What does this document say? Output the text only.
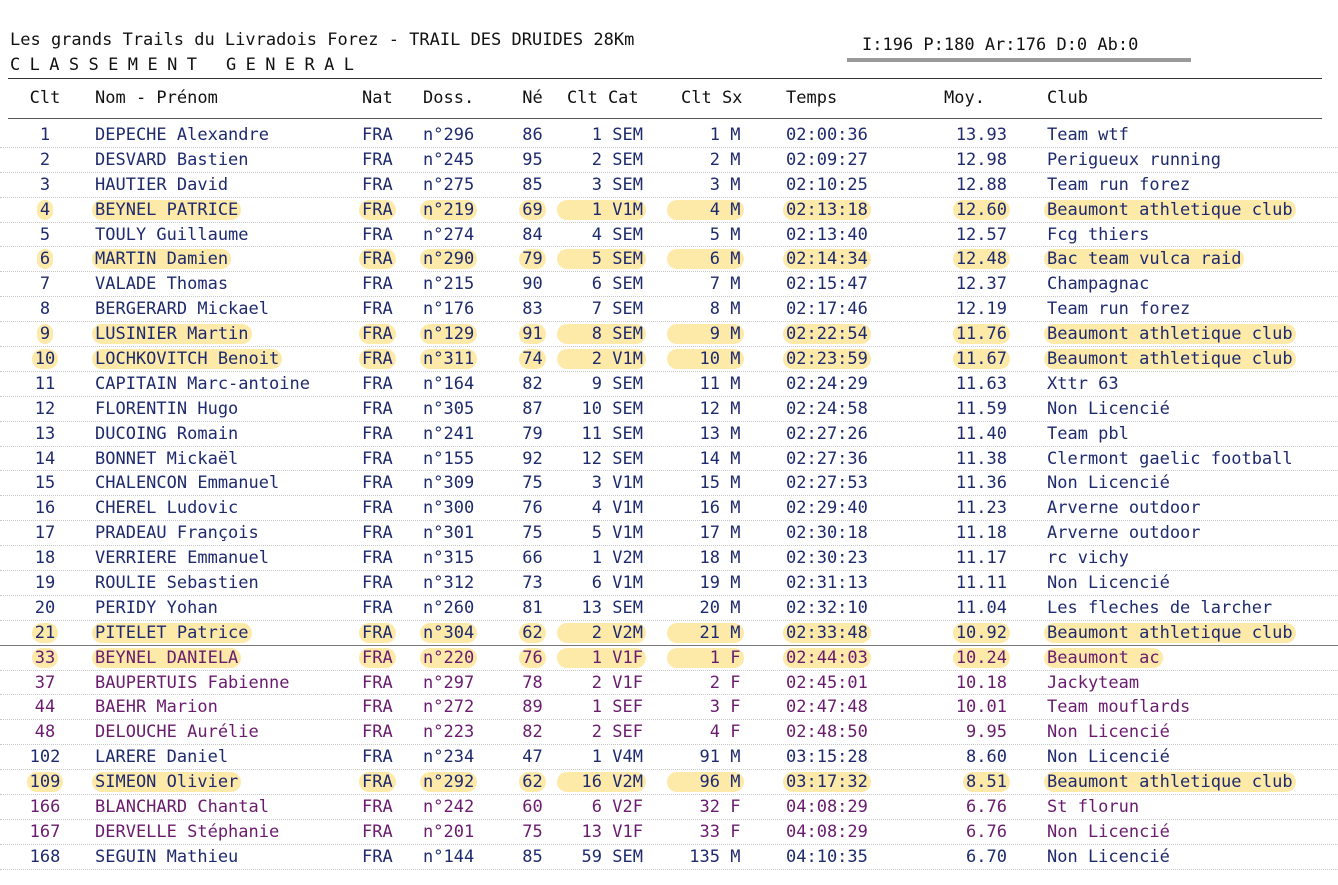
Les grands Trails du Livradois Forez - TRAIL DES DRUIDES 28Km
CLASSEMENT GENERAL
I:196 P:180 Ar:176 D:0 Ab:0
Clt	Nom - Prénom	Nat Doss.	Né	Clt Cat Clt Sx	Temps	Moy.	Club
1	DEPECHE Alexandre	FRA n°296	86	1 SEM	1 M	02:00:36	13.93 Team wtf
2	DESVARD Bastien	FRA n°245	95	2 SEM	2 M	02:09:27	12.98 Perigueux running
3	HAUTIER David	FRA n°275	85	3 SEM	3 M	02:10:25	12.88 Team run forez
4	BEYNEL PATRICE	FRA n°219	69	1 V1M	4 M	02:13:18	12.60 Beaumont athletique club
5	TOULY Guillaume	FRA n°274	84	4 SEM	5 M	02:13:40	12.57 Fcg thiers
6	MARTIN Damien	FRA n°290	79	5 SEM	6 M	02:14:34	12.48 Bac team vulca raid
7	VALADE Thomas	FRA n°215	90	6 SEM	7 M	02:15:47	12.37 Champagnac
8	BERGERARD Mickael	FRA n°176	83	7 SEM	8 M	02:17:46	12.19 Team run forez
9	LUSINIER Martin	FRA n°129	91	8 SEM	9 M	02:22:54	11.76 Beaumont athletique club
10 LOCHKOVITCH Benoit	FRA n°311	74	2 V1M	10 M	02:23:59	11.67 Beaumont athletique club
11 CAPITAIN Marc-antoine	FRA n°164	82	9 SEM	11 M	02:24:29	11.63 Xttr 63
12 FLORENTIN Hugo	FRA n°305	87	10 SEM	12 M	02:24:58	11.59 Non Licencié
13 DUCOING Romain	FRA n°241	79	11 SEM	13 M	02:27:26	11.40 Team pbl
14 BONNET Mickaël	FRA n°155	92	12 SEM	14 M	02:27:36	11.38 Clermont gaelic football
15 CHALENCON Emmanuel	FRA n°309	75	3 V1M	15 M	02:27:53	11.36 Non Licencié
16 CHEREL Ludovic	FRA n°300	76	4 V1M	16 M	02:29:40	11.23 Arverne outdoor
17 PRADEAU François	FRA n°301	75	5 V1M	17 M	02:30:18	11.18 Arverne outdoor
18 VERRIERE Emmanuel	FRA n°315	66	1 V2M	18 M	02:30:23	11.17 rc vichy
19 ROULIE Sebastien	FRA n°312	73	6 V1M	19 M	02:31:13	11.11 Non Licencié
20 PERIDY Yohan	FRA n°260	81	13 SEM	20 M	02:32:10	11.04 Les fleches de larcher
21 PITELET Patrice	FRA n°304	62	2 V2M	21 M	02:33:48	10.92 Beaumont athletique club
33 BEYNEL DANIELA	FRA n°220	76	1 V1F	1 F	02:44:03	10.24 Beaumont ac
37 BAUPERTUIS Fabienne	FRA n°297	78	2 V1F	2 F	02:45:01	10.18 Jackyteam
44 BAEHR Marion	FRA n°272	89	1 SEF	3 F	02:47:48	10.01 Team mouflards
48 DELOUCHE Aurélie	FRA n°223	82	2 SEF	4 F	02:48:50	9.95 Non Licencié
102 LARERE Daniel	FRA n°234	47	1 V4M	91 M	03:15:28	8.60 Non Licencié
109 SIMEON Olivier	FRA n°292	62	16 V2M	96 M	03:17:32	8.51 Beaumont athletique club
166 BLANCHARD Chantal	FRA n°242	60	6 V2F	32 F	04:08:29	6.76 St florun
167 DERVELLE Stéphanie	FRA n°201	75	13 V1F	33 F	04:08:29	6.76 Non Licencié
168 SEGUIN Mathieu	FRA n°144	85	59 SEM	135 M	04:10:35	6.70 Non Licencié
